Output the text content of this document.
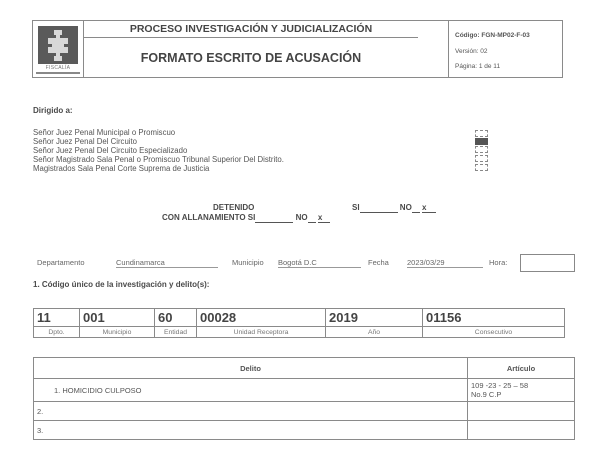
FISCALÍA
PROCESO INVESTIGACIÓN Y JUDICIALIZACIÓN
FORMATO ESCRITO DE ACUSACIÓN
Código: FGN-MP02-F-03
Versión: 02
Página: 1 de 11
Dirigido a:
Señor Juez Penal Municipal o Promiscuo
Señor Juez Penal Del Circuito
Señor Juez Penal Del Circuito Especializado
Señor Magistrado Sala Penal o Promiscuo Tribunal Superior Del Distrito.
Magistrados Sala Penal Corte Suprema de Justicia
DETENIDO	SI	NO x
CON ALLANAMIENTO SI	NO x
Departamento	Cundinamarca	Municipio Bogotá D.C	Fecha 2023/03/29	Hora:
1. Código único de la investigación y delito(s):
11	001	60	00028	2019	01156
Dpto.	Municipio	Entidad	Unidad Receptora	Año	Consecutivo
Delito	Artículo
1. HOMICIDIO CULPOSO	109 -23 - 25 – 58
No.9 C.P

2.	
3.	
